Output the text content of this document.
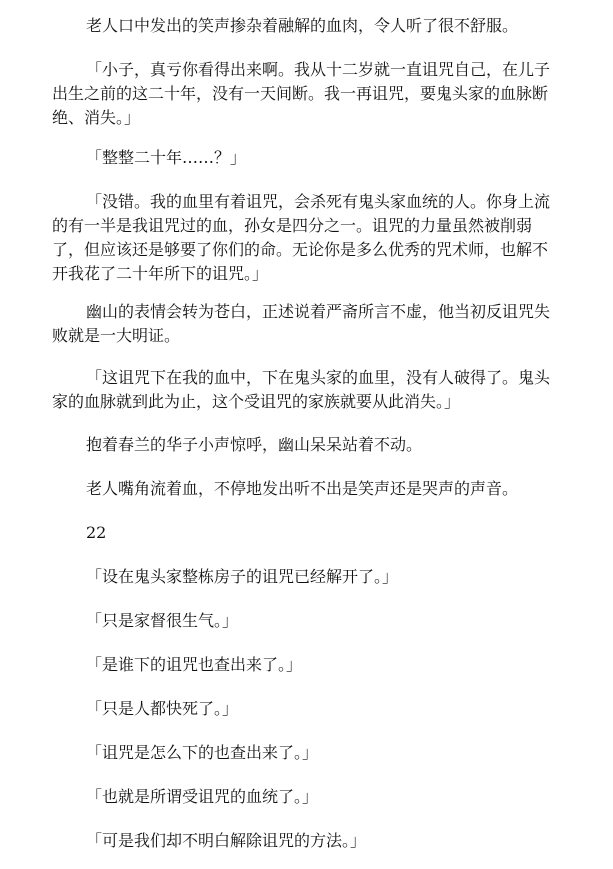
老人口中发出的笑声掺杂着融解的血肉，令人听了很不舒服。

「小子，真亏你看得出来啊。我从十二岁就一直诅咒自己，在儿子出生之前的这二十年，没有一天间断。我一再诅咒，要鬼头家的血脉断绝、消失。」

「整整二十年……？」

「没错。我的血里有着诅咒，会杀死有鬼头家血统的人。你身上流的有一半是我诅咒过的血，孙女是四分之一。诅咒的力量虽然被削弱了，但应该还是够要了你们的命。无论你是多么优秀的咒术师，也解不开我花了二十年所下的诅咒。」

幽山的表情会转为苍白，正述说着严斋所言不虚，他当初反诅咒失败就是一大明证。

「这诅咒下在我的血中，下在鬼头家的血里，没有人破得了。鬼头家的血脉就到此为止，这个受诅咒的家族就要从此消失。」

抱着春兰的华子小声惊呼，幽山呆呆站着不动。

老人嘴角流着血，不停地发出听不出是笑声还是哭声的声音。

22

「设在鬼头家整栋房子的诅咒已经解开了。」

「只是家督很生气。」

「是谁下的诅咒也查出来了。」

「只是人都快死了。」

「诅咒是怎么下的也查出来了。」

「也就是所谓受诅咒的血统了。」

「可是我们却不明白解除诅咒的方法。」
